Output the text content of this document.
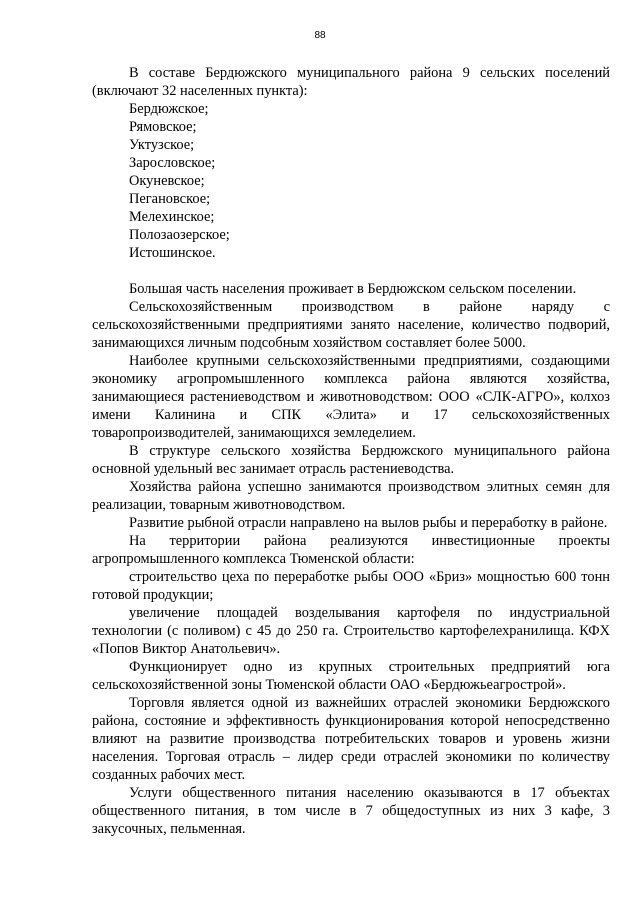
88

В составе Бердюжского муниципального района 9 сельских поселений (включают 32 населенных пункта):

Бердюжское;
Рямовское;
Уктузское;
Зарословское;
Окуневское;
Пегановское;
Мелехинское;
Полозаозерское;
Истошинское.

Большая часть населения проживает в Бердюжском сельском поселении.

Сельскохозяйственным производством в районе наряду с сельскохозяйственными предприятиями занято население, количество подворий, занимающихся личным подсобным хозяйством составляет более 5000.

Наиболее крупными сельскохозяйственными предприятиями, создающими экономику агропромышленного комплекса района являются хозяйства, занимающиеся растениеводством и животноводством: ООО «СЛК-АГРО», колхоз имени Калинина и СПК «Элита» и 17 сельскохозяйственных товаропроизводителей, занимающихся земледелием.

В структуре сельского хозяйства Бердюжского муниципального района основной удельный вес занимает отрасль растениеводства.

Хозяйства района успешно занимаются производством элитных семян для реализации, товарным животноводством.

Развитие рыбной отрасли направлено на вылов рыбы и переработку в районе.

На территории района реализуются инвестиционные проекты агропромышленного комплекса Тюменской области:

строительство цеха по переработке рыбы ООО «Бриз» мощностью 600 тонн готовой продукции;

увеличение площадей возделывания картофеля по индустриальной технологии (с поливом) с 45 до 250 га. Строительство картофелехранилища. КФХ «Попов Виктор Анатольевич».

Функционирует одно из крупных строительных предприятий юга сельскохозяйственной зоны Тюменской области ОАО «Бердюжьеагрострой».

Торговля является одной из важнейших отраслей экономики Бердюжского района, состояние и эффективность функционирования которой непосредственно влияют на развитие производства потребительских товаров и уровень жизни населения. Торговая отрасль – лидер среди отраслей экономики по количеству созданных рабочих мест.

Услуги общественного питания населению оказываются в 17 объектах общественного питания, в том числе в 7 общедоступных из них 3 кафе, 3 закусочных, пельменная.
